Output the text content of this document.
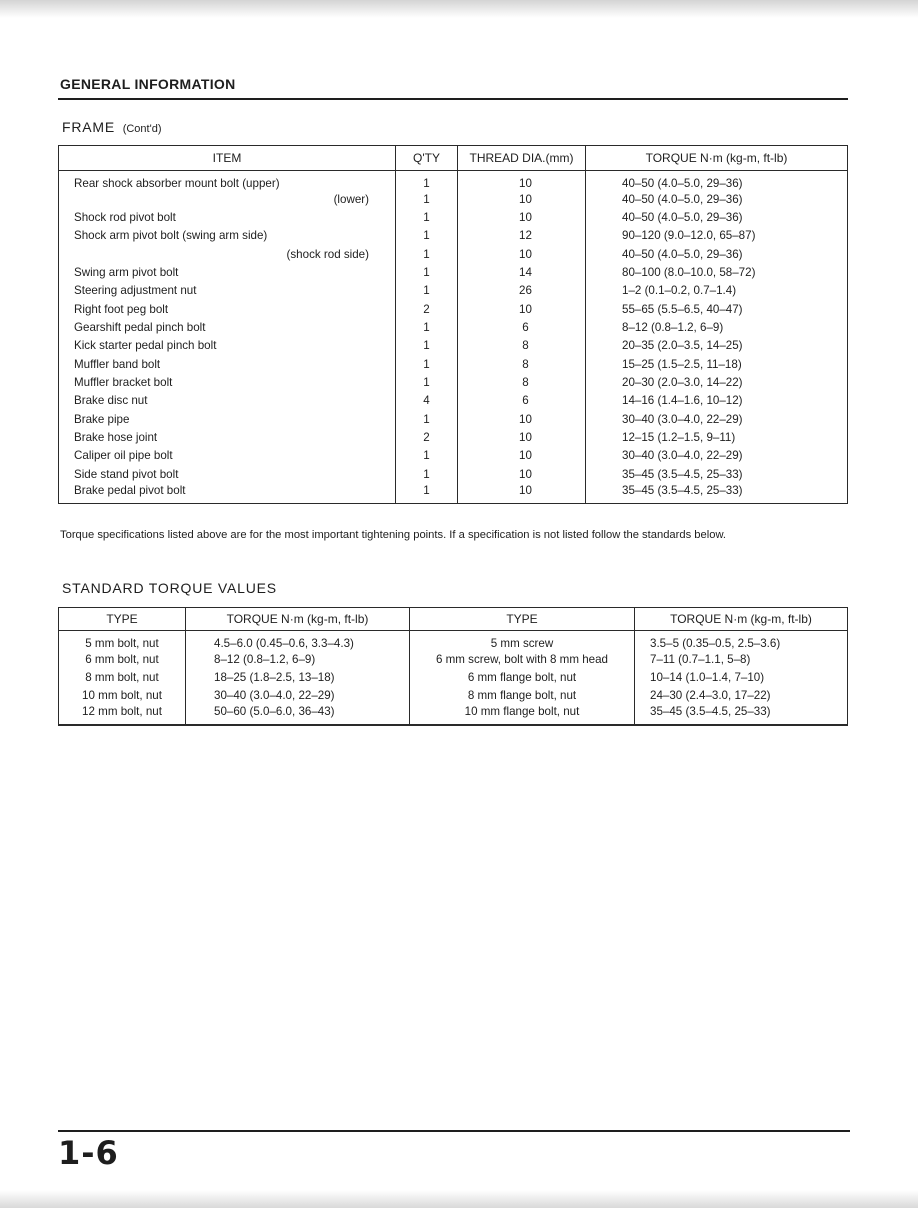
GENERAL INFORMATION
FRAME (Cont'd)
ITEM	Q'TY	THREAD DIA.(mm)	TORQUE N·m (kg-m, ft-lb)
Rear shock absorber mount bolt (upper)	1	10	40–50 (4.0–5.0, 29–36)
(lower)	1	10	40–50 (4.0–5.0, 29–36)
Shock rod pivot bolt	1	10	40–50 (4.0–5.0, 29–36)
Shock arm pivot bolt (swing arm side)	1	12	90–120 (9.0–12.0, 65–87)
(shock rod side)	1	10	40–50 (4.0–5.0, 29–36)
Swing arm pivot bolt	1	14	80–100 (8.0–10.0, 58–72)
Steering adjustment nut	1	26	1–2 (0.1–0.2, 0.7–1.4)
Right foot peg bolt	2	10	55–65 (5.5–6.5, 40–47)
Gearshift pedal pinch bolt	1	6	8–12 (0.8–1.2, 6–9)
Kick starter pedal pinch bolt	1	8	20–35 (2.0–3.5, 14–25)
Muffler band bolt	1	8	15–25 (1.5–2.5, 11–18)
Muffler bracket bolt	1	8	20–30 (2.0–3.0, 14–22)
Brake disc nut	4	6	14–16 (1.4–1.6, 10–12)
Brake pipe	1	10	30–40 (3.0–4.0, 22–29)
Brake hose joint	2	10	12–15 (1.2–1.5, 9–11)
Caliper oil pipe bolt	1	10	30–40 (3.0–4.0, 22–29)
Side stand pivot bolt	1	10	35–45 (3.5–4.5, 25–33)
Brake pedal pivot bolt	1	10	35–45 (3.5–4.5, 25–33)
Torque specifications listed above are for the most important tightening points. If a specification is not listed follow the standards below.
STANDARD TORQUE VALUES
TYPE	TORQUE N·m (kg-m, ft-lb)	TYPE	TORQUE N·m (kg-m, ft-lb)
5 mm bolt, nut	4.5–6.0 (0.45–0.6, 3.3–4.3)	5 mm screw	3.5–5 (0.35–0.5, 2.5–3.6)
6 mm bolt, nut	8–12 (0.8–1.2, 6–9)	6 mm screw, bolt with 8 mm head	7–11 (0.7–1.1, 5–8)
8 mm bolt, nut	18–25 (1.8–2.5, 13–18)	6 mm flange bolt, nut	10–14 (1.0–1.4, 7–10)
10 mm bolt, nut	30–40 (3.0–4.0, 22–29)	8 mm flange bolt, nut	24–30 (2.4–3.0, 17–22)
12 mm bolt, nut	50–60 (5.0–6.0, 36–43)	10 mm flange bolt, nut	35–45 (3.5–4.5, 25–33)
1-6
